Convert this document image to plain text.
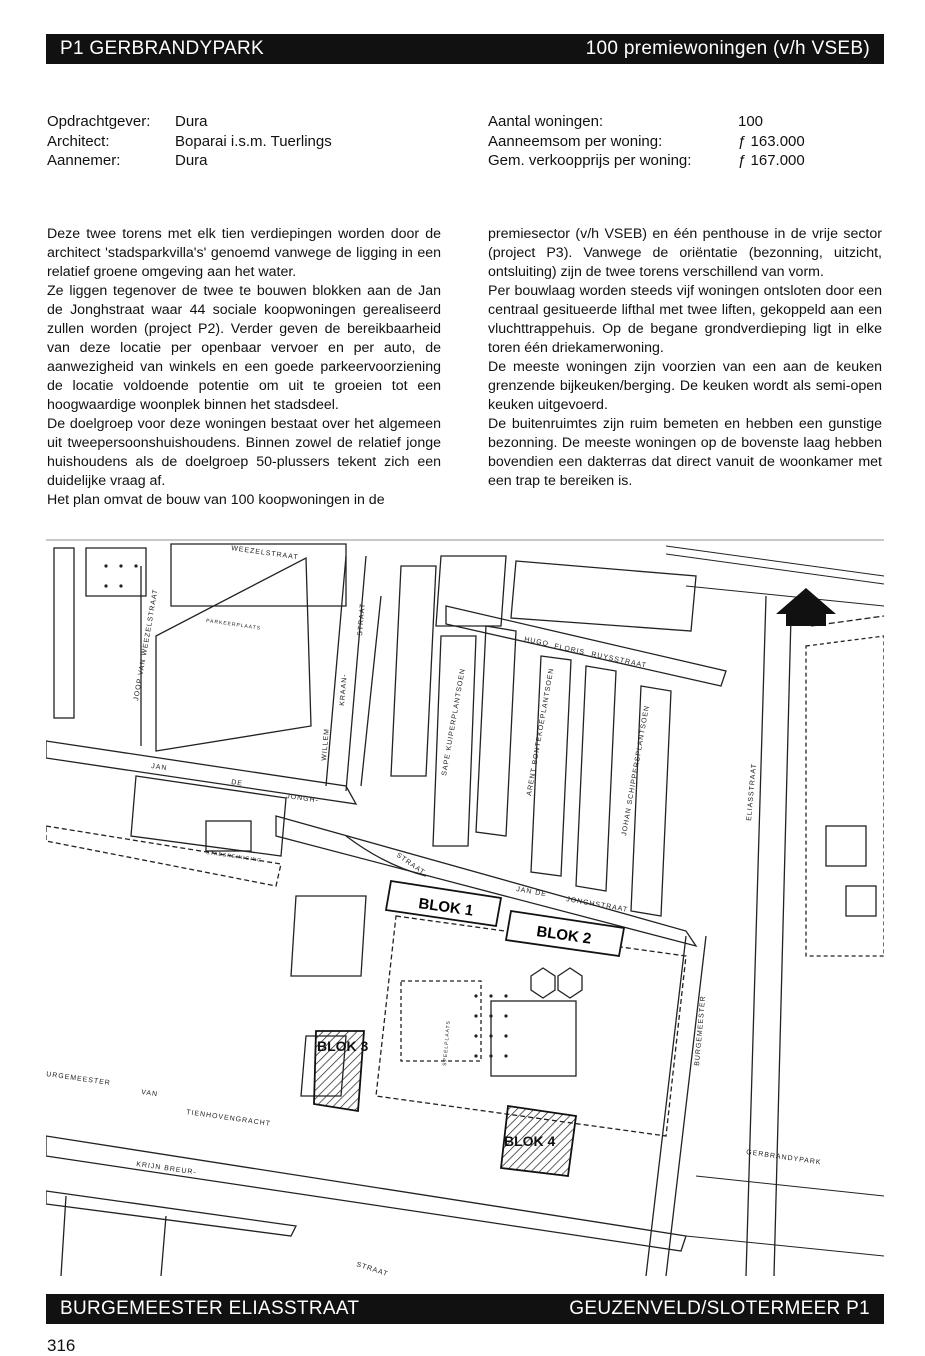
P1 GERBRANDYPARK	100 premiewoningen (v/h VSEB)
Opdrachtgever:	Dura
Architect:	Boparai i.s.m. Tuerlings
Aannemer:	Dura
Aantal woningen:	100
Aanneemsom per woning:	ƒ 163.000
Gem. verkoopprijs per woning:	ƒ 167.000

Deze twee torens met elk tien verdiepingen worden door de architect 'stadsparkvilla's' genoemd vanwege de ligging in een relatief groene omgeving aan het water.

Ze liggen tegenover de twee te bouwen blokken aan de Jan de Jonghstraat waar 44 sociale koopwoningen gerealiseerd zullen worden (project P2). Verder geven de bereikbaarheid van deze locatie per openbaar vervoer en per auto, de aanwezigheid van winkels en een goede parkeervoorziening de locatie voldoende potentie om uit te groeien tot een hoogwaardige woonplek binnen het stadsdeel.

De doelgroep voor deze woningen bestaat over het algemeen uit tweepersoonshuishoudens. Binnen zowel de relatief jonge huishoudens als de doelgroep 50-plussers tekent zich een duidelijke vraag af.

Het plan omvat de bouw van 100 koopwoningen in de

premiesector (v/h VSEB) en één penthouse in de vrije sector (project P3). Vanwege de oriëntatie (bezonning, uitzicht, ontsluiting) zijn de twee torens verschillend van vorm.

Per bouwlaag worden steeds vijf woningen ontsloten door een centraal gesitueerde lifthal met twee liften, gekoppeld aan een vluchttrappehuis. Op de begane grondverdieping ligt in elke toren één driekamerwoning.

De meeste woningen zijn voorzien van een aan de keuken grenzende bijkeuken/berging. De keuken wordt als semi-open keuken uitgevoerd.

De buitenruimtes zijn ruim bemeten en hebben een gunstige bezonning. De meeste woningen op de bovenste laag hebben bovendien een dakterras dat direct vanuit de woonkamer met een trap te bereiken is.

BLOK 1
BLOK 2
BLOK 3
BLOK 4
WEEZELSTRAAT
JOOP VAN WEEZELSTRAAT	PARKEERPLAATS
KRAAN-
STRAAT
WILLEM
JAN
DE
JONGH-
STADSREINIGING
SAPE KUIPERPLANTSOEN
HUGO
FLORIS
RUYSSTRAAT
ARENT BONTEKOEPLANTSOEN	JOHAN SCHIPPERSPLANTSOEN	ELIASSTRAAT
STRAAT
JAN DE
JONGHSTRAAT
SPEELPLAATS	BURGEMEESTER
GERBRANDYPARK
URGEMEESTER
VAN
TIENHOVENGRACHT
KRIJN BREUR-
STRAAT
BURGEMEESTER ELIASSTRAAT	GEUZENVELD/SLOTERMEER P1
316
